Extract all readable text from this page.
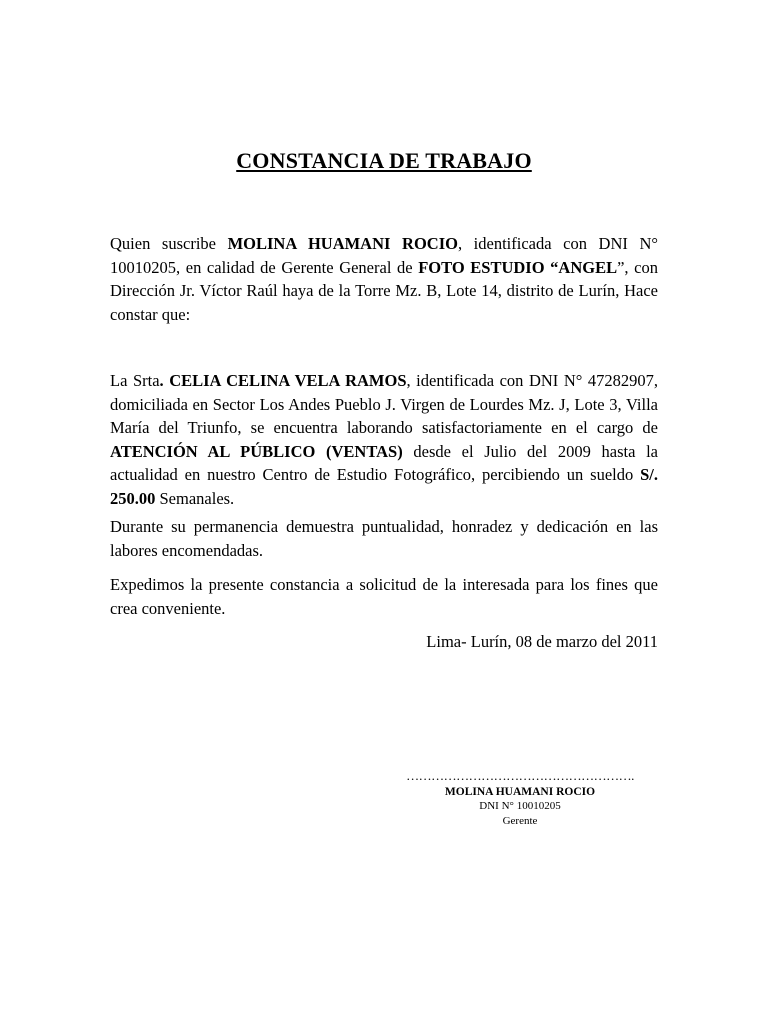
CONSTANCIA DE TRABAJO
Quien suscribe MOLINA HUAMANI ROCIO, identificada con DNI N° 10010205, en calidad de Gerente General de FOTO ESTUDIO “ANGEL”, con Dirección Jr. Víctor Raúl haya de la Torre Mz. B, Lote 14, distrito de Lurín, Hace constar que:
La Srta. CELIA CELINA VELA RAMOS, identificada con DNI N° 47282907, domiciliada en Sector Los Andes Pueblo J. Virgen de Lourdes Mz. J, Lote 3, Villa María del Triunfo, se encuentra laborando satisfactoriamente en el cargo de ATENCIÓN AL PÚBLICO (VENTAS) desde el Julio del 2009 hasta la actualidad en nuestro Centro de Estudio Fotográfico, percibiendo un sueldo S/. 250.00 Semanales.
Durante su permanencia demuestra puntualidad, honradez y dedicación en las labores encomendadas.
Expedimos la presente constancia a solicitud de la interesada para los fines que crea conveniente.
Lima- Lurín, 08 de marzo del 2011
……………………………………………….
MOLINA HUAMANI ROCIO
DNI N° 10010205
Gerente
